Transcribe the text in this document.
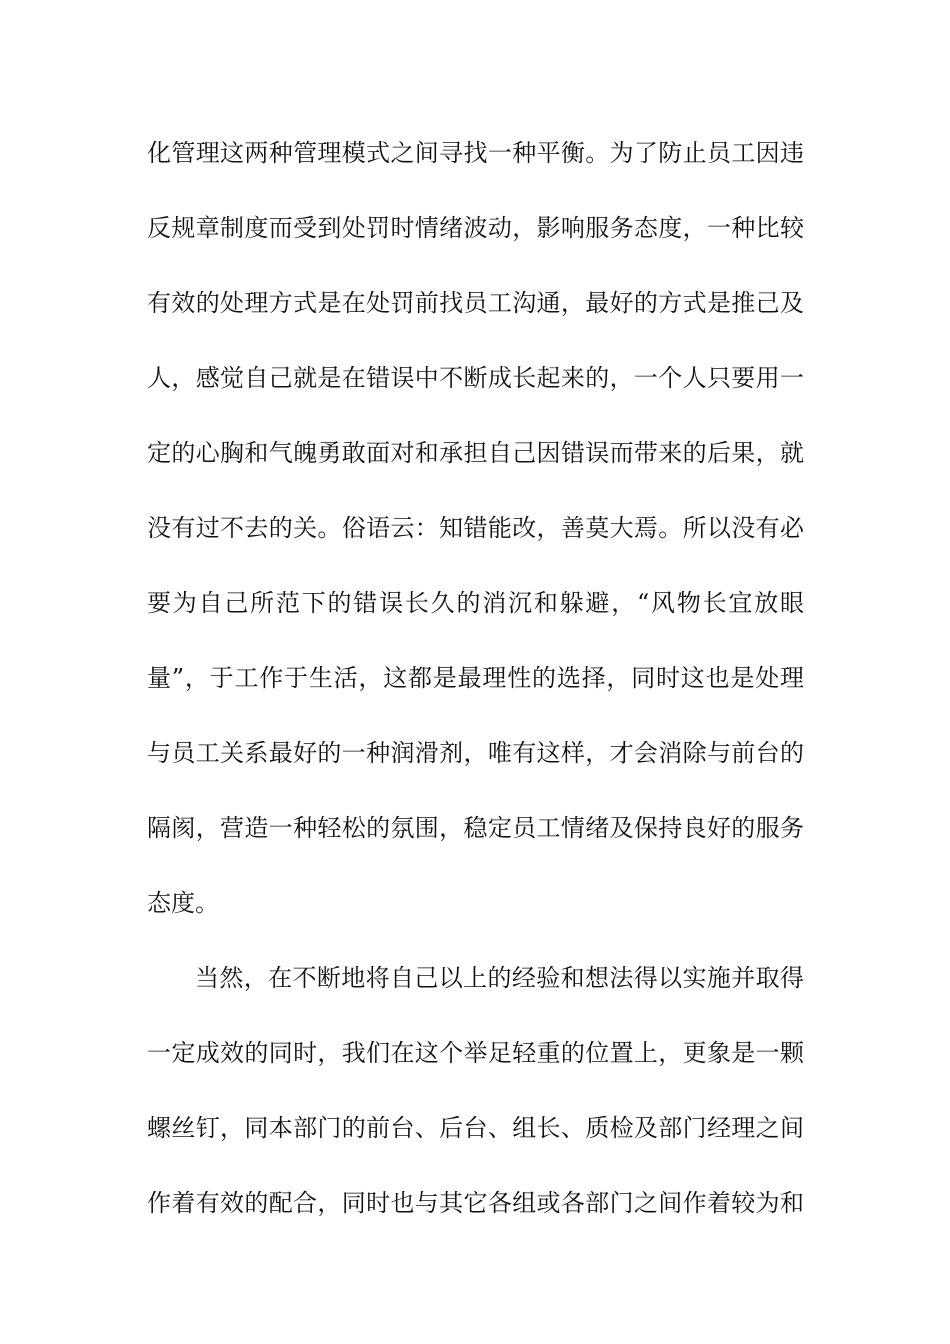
化管理这两种管理模式之间寻找一种平衡。为了防止员工因违
反规章制度而受到处罚时情绪波动，影响服务态度，一种比较
有效的处理方式是在处罚前找员工沟通，最好的方式是推己及
人，感觉自己就是在错误中不断成长起来的，一个人只要用一
定的心胸和气魄勇敢面对和承担自己因错误而带来的后果，就
没有过不去的关。俗语云：知错能改，善莫大焉。所以没有必
要为自己所范下的错误长久的消沉和躲避，“风物长宜放眼
量”，于工作于生活，这都是最理性的选择，同时这也是处理
与员工关系最好的一种润滑剂，唯有这样，才会消除与前台的
隔阂，营造一种轻松的氛围，稳定员工情绪及保持良好的服务
态度。
当然，在不断地将自己以上的经验和想法得以实施并取得
一定成效的同时，我们在这个举足轻重的位置上，更象是一颗
螺丝钉，同本部门的前台、后台、组长、质检及部门经理之间
作着有效的配合，同时也与其它各组或各部门之间作着较为和
